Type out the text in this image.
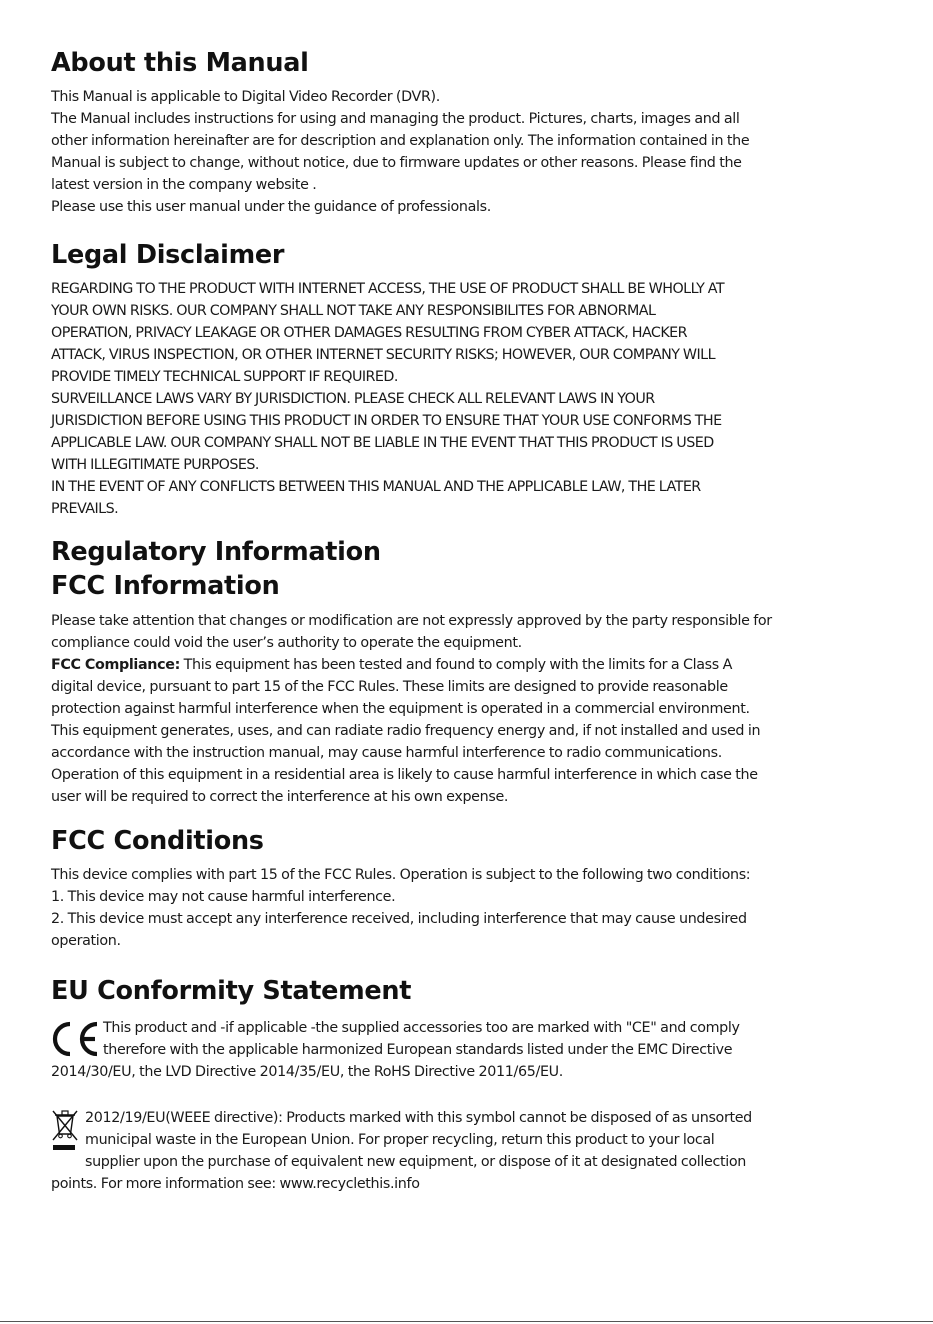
About this Manual

This Manual is applicable to Digital Video Recorder (DVR).

The Manual includes instructions for using and managing the product. Pictures, charts, images and all

other information hereinafter are for description and explanation only. The information contained in the

Manual is subject to change, without notice, due to firmware updates or other reasons. Please find the

latest version in the company website .

Please use this user manual under the guidance of professionals.

Legal Disclaimer

REGARDING TO THE PRODUCT WITH INTERNET ACCESS, THE USE OF PRODUCT SHALL BE WHOLLY AT

YOUR OWN RISKS. OUR COMPANY SHALL NOT TAKE ANY RESPONSIBILITES FOR ABNORMAL

OPERATION, PRIVACY LEAKAGE OR OTHER DAMAGES RESULTING FROM CYBER ATTACK, HACKER

ATTACK, VIRUS INSPECTION, OR OTHER INTERNET SECURITY RISKS; HOWEVER, OUR COMPANY WILL

PROVIDE TIMELY TECHNICAL SUPPORT IF REQUIRED.

SURVEILLANCE LAWS VARY BY JURISDICTION. PLEASE CHECK ALL RELEVANT LAWS IN YOUR

JURISDICTION BEFORE USING THIS PRODUCT IN ORDER TO ENSURE THAT YOUR USE CONFORMS THE

APPLICABLE LAW. OUR COMPANY SHALL NOT BE LIABLE IN THE EVENT THAT THIS PRODUCT IS USED

WITH ILLEGITIMATE PURPOSES.

IN THE EVENT OF ANY CONFLICTS BETWEEN THIS MANUAL AND THE APPLICABLE LAW, THE LATER

PREVAILS.

Regulatory Information
FCC Information

Please take attention that changes or modification are not expressly approved by the party responsible for

compliance could void the user’s authority to operate the equipment.

FCC Compliance: This equipment has been tested and found to comply with the limits for a Class A

digital device, pursuant to part 15 of the FCC Rules. These limits are designed to provide reasonable

protection against harmful interference when the equipment is operated in a commercial environment.

This equipment generates, uses, and can radiate radio frequency energy and, if not installed and used in

accordance with the instruction manual, may cause harmful interference to radio communications.

Operation of this equipment in a residential area is likely to cause harmful interference in which case the

user will be required to correct the interference at his own expense.

FCC Conditions

This device complies with part 15 of the FCC Rules. Operation is subject to the following two conditions:

1. This device may not cause harmful interference.

2. This device must accept any interference received, including interference that may cause undesired

operation.

EU Conformity Statement

This product and -if applicable -the supplied accessories too are marked with "CE" and comply

therefore with the applicable harmonized European standards listed under the EMC Directive

2014/30/EU, the LVD Directive 2014/35/EU, the RoHS Directive 2011/65/EU.

2012/19/EU(WEEE directive): Products marked with this symbol cannot be disposed of as unsorted

municipal waste in the European Union. For proper recycling, return this product to your local

supplier upon the purchase of equivalent new equipment, or dispose of it at designated collection

points. For more information see: www.recyclethis.info
